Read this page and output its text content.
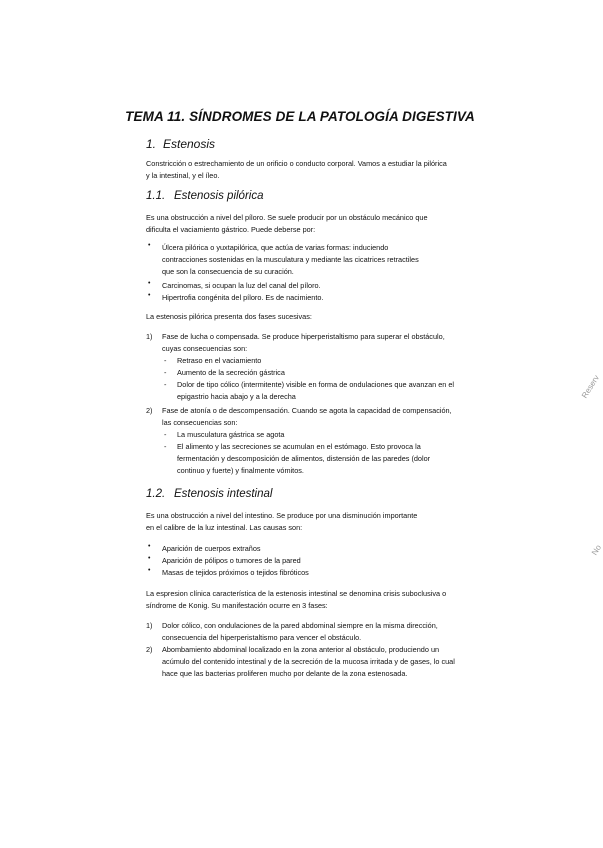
TEMA 11. SÍNDROMES DE LA PATOLOGÍA DIGESTIVA
1. Estenosis
Constricción o estrechamiento de un orificio o conducto corporal. Vamos a estudiar la pilórica
y la intestinal, y el íleo.
1.1. Estenosis pilórica
Es una obstrucción a nivel del píloro. Se suele producir por un obstáculo mecánico que
dificulta el vaciamiento gástrico. Puede deberse por:
• Úlcera pilórica o yuxtapilórica, que actúa de varias formas: induciendo
contracciones sostenidas en la musculatura y mediante las cicatrices retractiles
que son la consecuencia de su curación.
• Carcinomas, si ocupan la luz del canal del píloro.
• Hipertrofia congénita del píloro. Es de nacimiento.
La estenosis pilórica presenta dos fases sucesivas:
1) Fase de lucha o compensada. Se produce hiperperistaltismo para superar el obstáculo,
cuyas consecuencias son:
- Retraso en el vaciamiento
- Aumento de la secreción gástrica
- Dolor de tipo cólico (intermitente) visible en forma de ondulaciones que avanzan en el
epigastrio hacia abajo y a la derecha
2) Fase de atonía o de descompensación. Cuando se agota la capacidad de compensación,
las consecuencias son:
- La musculatura gástrica se agota
- El alimento y las secreciones se acumulan en el estómago. Esto provoca la
fermentación y descomposición de alimentos, distensión de las paredes (dolor
continuo y fuerte) y finalmente vómitos.
1.2. Estenosis intestinal
Es una obstrucción a nivel del intestino. Se produce por una disminución importante
en el calibre de la luz intestinal. Las causas son:
• Aparición de cuerpos extraños
• Aparición de pólipos o tumores de la pared
• Masas de tejidos próximos o tejidos fibróticos
La espresion clínica característica de la estenosis intestinal se denomina crisis suboclusiva o
síndrome de Konig. Su manifestación ocurre en 3 fases:
1) Dolor cólico, con ondulaciones de la pared abdominal siempre en la misma dirección,
consecuencia del hiperperistaltismo para vencer el obstáculo.
2) Abombamiento abdominal localizado en la zona anterior al obstáculo, produciendo un
acúmulo del contenido intestinal y de la secreción de la mucosa irritada y de gases, lo cual
hace que las bacterias proliferen mucho por delante de la zona estenosada.
Reserv
No
